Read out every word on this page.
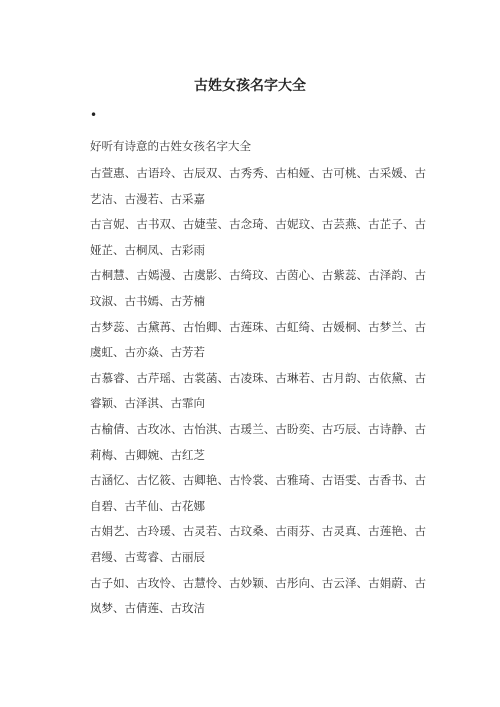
古姓女孩名字大全
•
好听有诗意的古姓女孩名字大全

古萱惠、古语玲、古辰双、古秀秀、古柏娅、古可桃、古采媛、古艺洁、古漫若、古采嘉

古言妮、古书双、古婕莹、古念琦、古妮玟、古芸燕、古芷子、古娅芷、古桐凤、古彩雨

古桐慧、古嫣漫、古虞影、古绮玟、古茵心、古紫蕊、古泽韵、古玟淑、古书嫣、古芳楠

古梦蕊、古黛苒、古怡卿、古莲珠、古虹绮、古媛桐、古梦兰、古虞虹、古亦焱、古芳若

古慕睿、古芹瑶、古裳菡、古凌珠、古琳若、古月韵、古依黛、古睿颖、古泽淇、古霏向

古榆倩、古玫冰、古怡淇、古瑗兰、古盼奕、古巧辰、古诗静、古莉梅、古卿婉、古红芝

古涵忆、古忆筱、古卿艳、古怜裳、古雅琦、古语雯、古香书、古自碧、古芊仙、古花娜

古娟艺、古玲瑗、古灵若、古玟桑、古雨芬、古灵真、古莲艳、古君缦、古莺睿、古丽辰

古子如、古玫怜、古慧怜、古妙颖、古彤向、古云泽、古娟蔚、古岚梦、古倩莲、古玫洁
